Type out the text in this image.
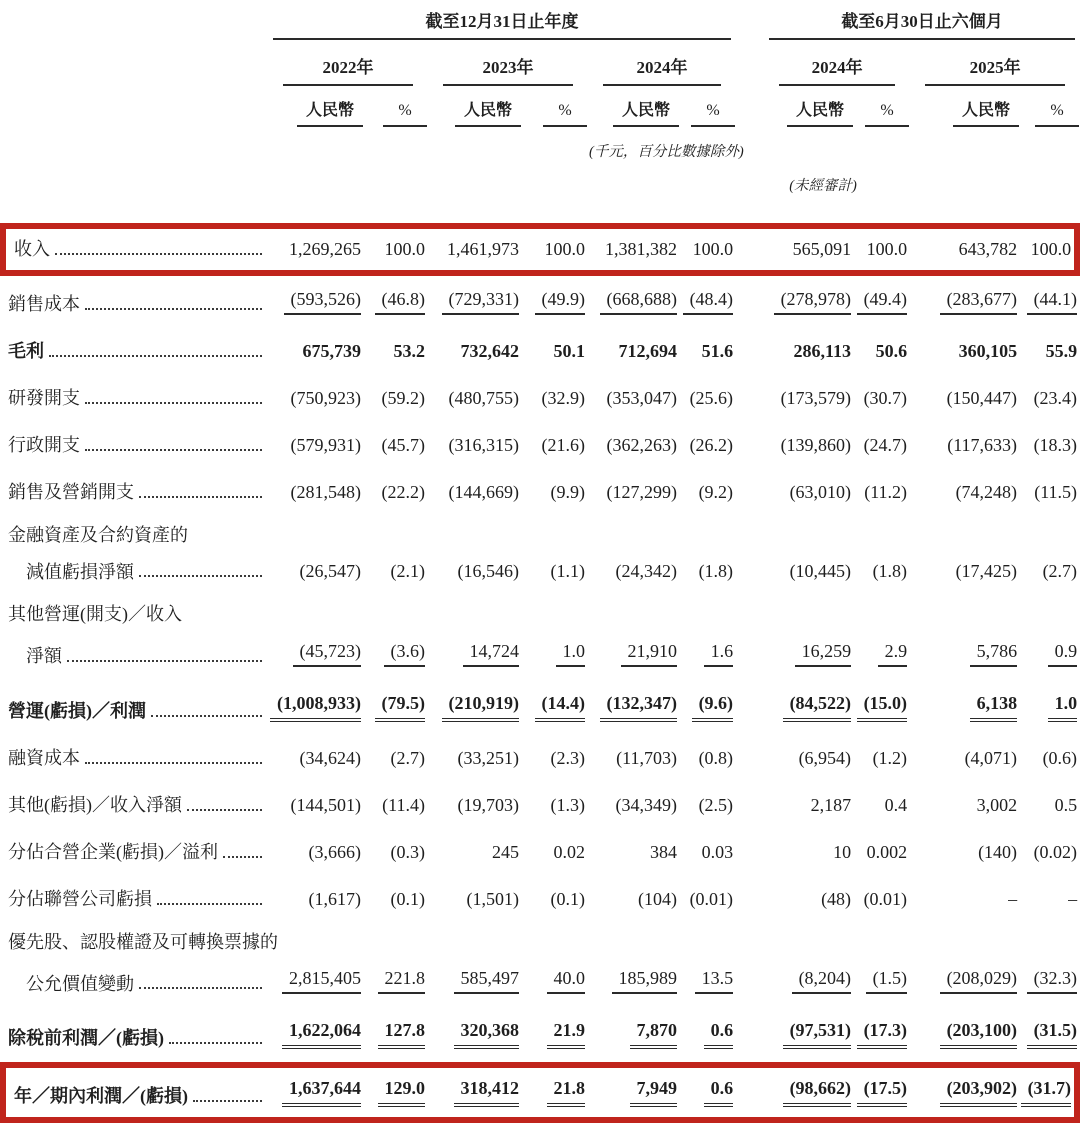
	截至12月31日止年度						截至6月30日止六個月			

	2022年		2023年		2024年		2024年		2025年	

	人民幣	%	人民幣	%	人民幣	%	人民幣	%	人民幣	%
					(千元，百分比數據除外)					
							(未經審計)			

收入	1,269,265	100.0	1,461,973	100.0	1,381,382	100.0	565,091	100.0	643,782	100.0

銷售成本	(593,526)	(46.8)	(729,331)	(49.9)	(668,688)	(48.4)	(278,978)	(49.4)	(283,677)	(44.1)

毛利	675,739	53.2	732,642	50.1	712,694	51.6	286,113	50.6	360,105	55.9

研發開支	(750,923)	(59.2)	(480,755)	(32.9)	(353,047)	(25.6)	(173,579)	(30.7)	(150,447)	(23.4)

行政開支	(579,931)	(45.7)	(316,315)	(21.6)	(362,263)	(26.2)	(139,860)	(24.7)	(117,633)	(18.3)

銷售及營銷開支	(281,548)	(22.2)	(144,669)	(9.9)	(127,299)	(9.2)	(63,010)	(11.2)	(74,248)	(11.5)

金融資產及合約資產的										

減值虧損淨額	(26,547)	(2.1)	(16,546)	(1.1)	(24,342)	(1.8)	(10,445)	(1.8)	(17,425)	(2.7)

其他營運(開支)／收入										

淨額	(45,723)	(3.6)	14,724	1.0	21,910	1.6	16,259	2.9	5,786	0.9

營運(虧損)／利潤	(1,008,933)	(79.5)	(210,919)	(14.4)	(132,347)	(9.6)	(84,522)	(15.0)	6,138	1.0

融資成本	(34,624)	(2.7)	(33,251)	(2.3)	(11,703)	(0.8)	(6,954)	(1.2)	(4,071)	(0.6)

其他(虧損)／收入淨額	(144,501)	(11.4)	(19,703)	(1.3)	(34,349)	(2.5)	2,187	0.4	3,002	0.5

分佔合營企業(虧損)／溢利	(3,666)	(0.3)	245	0.02	384	0.03	10	0.002	(140)	(0.02)

分佔聯營公司虧損	(1,617)	(0.1)	(1,501)	(0.1)	(104)	(0.01)	(48)	(0.01)	–	–

優先股、認股權證及可轉換票據的										

公允價值變動	2,815,405	221.8	585,497	40.0	185,989	13.5	(8,204)	(1.5)	(208,029)	(32.3)

除稅前利潤／(虧損)	1,622,064	127.8	320,368	21.9	7,870	0.6	(97,531)	(17.3)	(203,100)	(31.5)

年／期內利潤／(虧損)	1,637,644	129.0	318,412	21.8	7,949	0.6	(98,662)	(17.5)	(203,902)	(31.7)
